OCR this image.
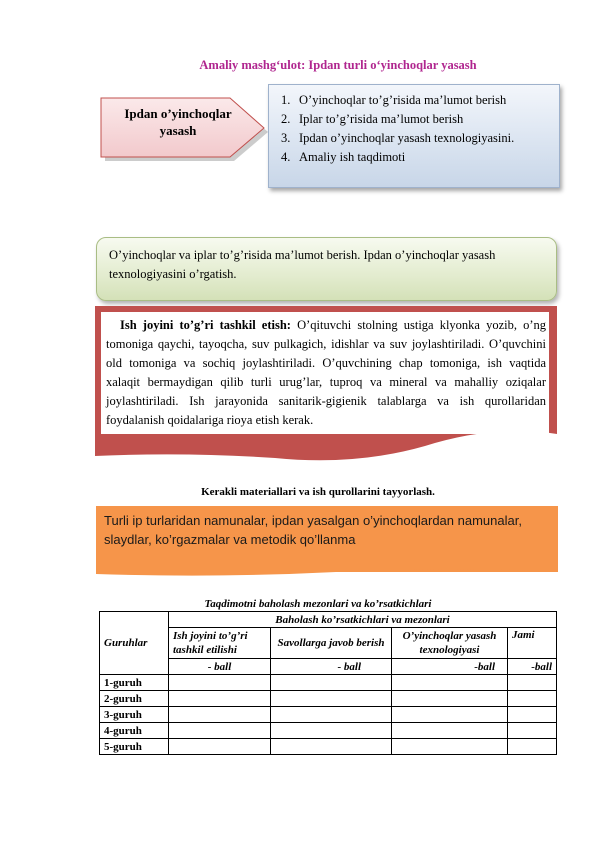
Amaliy mashg‘ulot: Ipdan turli o‘yinchoqlar yasash
Ipdan o’yinchoqlar yasash
1. O’yinchoqlar to’g’risida ma’lumot berish
2. Iplar to’g’risida ma’lumot berish
3. Ipdan o’yinchoqlar yasash texnologiyasini.
4. Amaliy ish taqdimoti
O’yinchoqlar va iplar to’g’risida ma’lumot berish. Ipdan o’yinchoqlar yasash texnologiyasini o’rgatish.
Ish joyini to’g’ri tashkil etish: O’qituvchi stolning ustiga klyonka yozib, o’ng tomoniga qaychi, tayoqcha, suv pulkagich, idishlar va suv joylashtiriladi. O’quvchini old tomoniga va sochiq joylashtiriladi. O’quvchining chap tomoniga, ish vaqtida xalaqit bermaydigan qilib turli urug’lar, tuproq va mineral va mahalliy oziqalar joylashtiriladi. Ish jarayonida sanitarik-gigienik talablarga va ish qurollaridan foydalanish qoidalariga rioya etish kerak.
Kerakli materiallari va ish qurollarini tayyorlash.
Turli ip turlaridan namunalar, ipdan yasalgan o’yinchoqlardan namunalar, slaydlar, ko’rgazmalar va metodik qo’llanma
Taqdimotni baholash mezonlari va ko’rsatkichlari
Guruhlar	Baholash ko’rsatkichlari va mezonlari			
	Ish joyini to’g’ri tashkil etilishi	Savollarga javob berish	O’yinchoqlar yasash texnologiyasi	Jami
	- ball	- ball	-ball	-ball
1-guruh				
2-guruh				
3-guruh				
4-guruh				
5-guruh				
